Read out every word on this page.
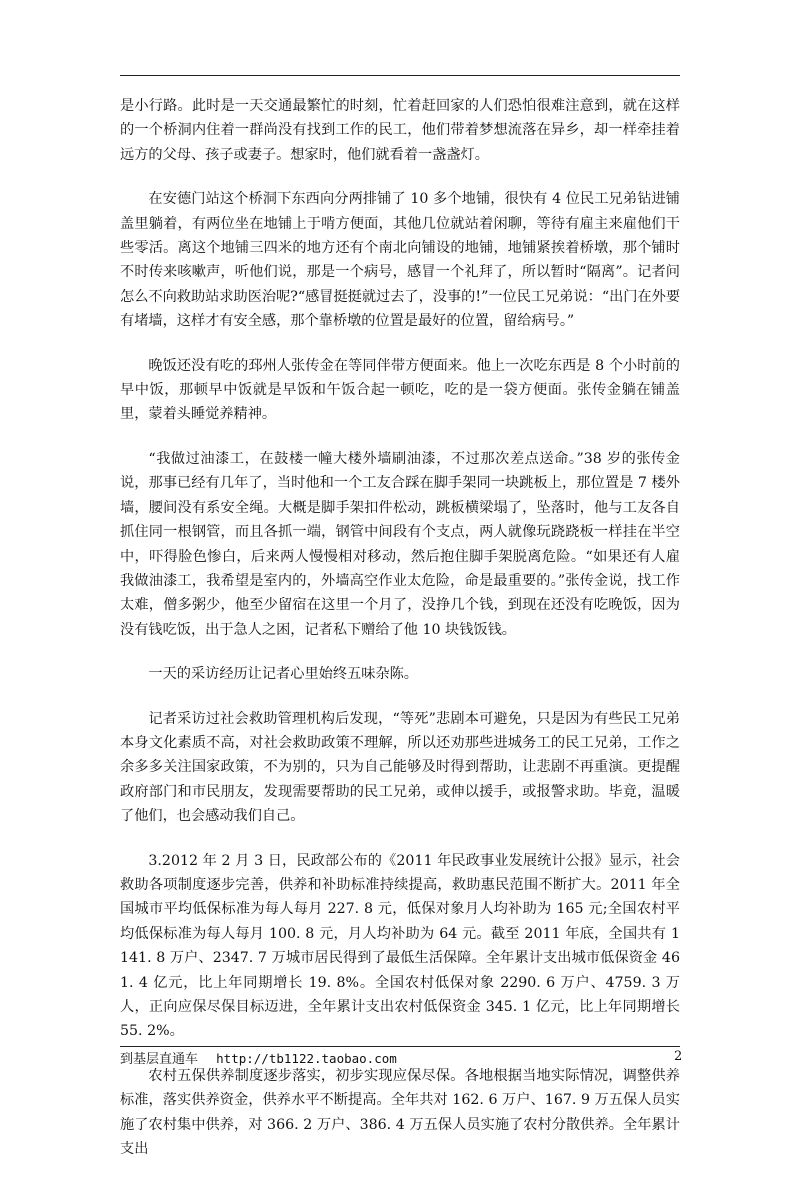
是小行路。此时是一天交通最繁忙的时刻，忙着赶回家的人们恐怕很难注意到，就在这样的一个桥洞内住着一群尚没有找到工作的民工，他们带着梦想流落在异乡，却一样牵挂着远方的父母、孩子或妻子。想家时，他们就看着一盏盏灯。

在安德门站这个桥洞下东西向分两排铺了 10 多个地铺，很快有 4 位民工兄弟钻进铺盖里躺着，有两位坐在地铺上于啃方便面，其他几位就站着闲聊，等待有雇主来雇他们干些零活。离这个地铺三四米的地方还有个南北向铺设的地铺，地铺紧挨着桥墩，那个铺时不时传来咳嗽声，听他们说，那是一个病号，感冒一个礼拜了，所以暂时“隔离”。记者问怎么不向救助站求助医治呢?“感冒挺挺就过去了，没事的!”一位民工兄弟说：“出门在外要有堵墙，这样才有安全感，那个靠桥墩的位置是最好的位置，留给病号。”

晚饭还没有吃的邳州人张传金在等同伴带方便面来。他上一次吃东西是 8 个小时前的早中饭，那顿早中饭就是早饭和午饭合起一顿吃，吃的是一袋方便面。张传金躺在铺盖里，蒙着头睡觉养精神。

“我做过油漆工，在鼓楼一幢大楼外墙刷油漆，不过那次差点送命。”38 岁的张传金说，那事已经有几年了，当时他和一个工友合踩在脚手架同一块跳板上，那位置是 7 楼外墙，腰间没有系安全绳。大概是脚手架扣件松动，跳板横梁塌了，坠落时，他与工友各自抓住同一根钢管，而且各抓一端，钢管中间段有个支点，两人就像玩跷跷板一样挂在半空中，吓得脸色惨白，后来两人慢慢相对移动，然后抱住脚手架脱离危险。“如果还有人雇我做油漆工，我希望是室内的，外墙高空作业太危险，命是最重要的。”张传金说，找工作太难，僧多粥少，他至少留宿在这里一个月了，没挣几个钱，到现在还没有吃晚饭，因为没有钱吃饭，出于急人之困，记者私下赠给了他 10 块钱饭钱。

一天的采访经历让记者心里始终五味杂陈。

记者采访过社会救助管理机构后发现，“等死”悲剧本可避免，只是因为有些民工兄弟本身文化素质不高，对社会救助政策不理解，所以还劝那些进城务工的民工兄弟，工作之余多多关注国家政策，不为别的，只为自己能够及时得到帮助，让悲剧不再重演。更提醒政府部门和市民朋友，发现需要帮助的民工兄弟，或伸以援手，或报警求助。毕竟，温暖了他们，也会感动我们自己。

3.2012 年 2 月 3 日，民政部公布的《2011 年民政事业发展统计公报》显示，社会救助各项制度逐步完善，供养和补助标准持续提高，救助惠民范围不断扩大。2011 年全国城市平均低保标准为每人每月 227. 8 元，低保对象月人均补助为 165 元;全国农村平均低保标准为每人每月 100. 8 元，月人均补助为 64 元。截至 2011 年底，全国共有 1141. 8 万户、2347. 7 万城市居民得到了最低生活保障。全年累计支出城市低保资金 461. 4 亿元，比上年同期增长 19. 8%。全国农村低保对象 2290. 6 万户、4759. 3 万人，正向应保尽保目标迈进，全年累计支出农村低保资金 345. 1 亿元，比上年同期增长 55. 2%。

农村五保供养制度逐步落实，初步实现应保尽保。各地根据当地实际情况，调整供养标准，落实供养资金，供养水平不断提高。全年共对 162. 6 万户、167. 9 万五保人员实施了农村集中供养，对 366. 2 万户、386. 4 万五保人员实施了农村分散供养。全年累计支出

到基层直通车 http://tb1122.taobao.com	2
